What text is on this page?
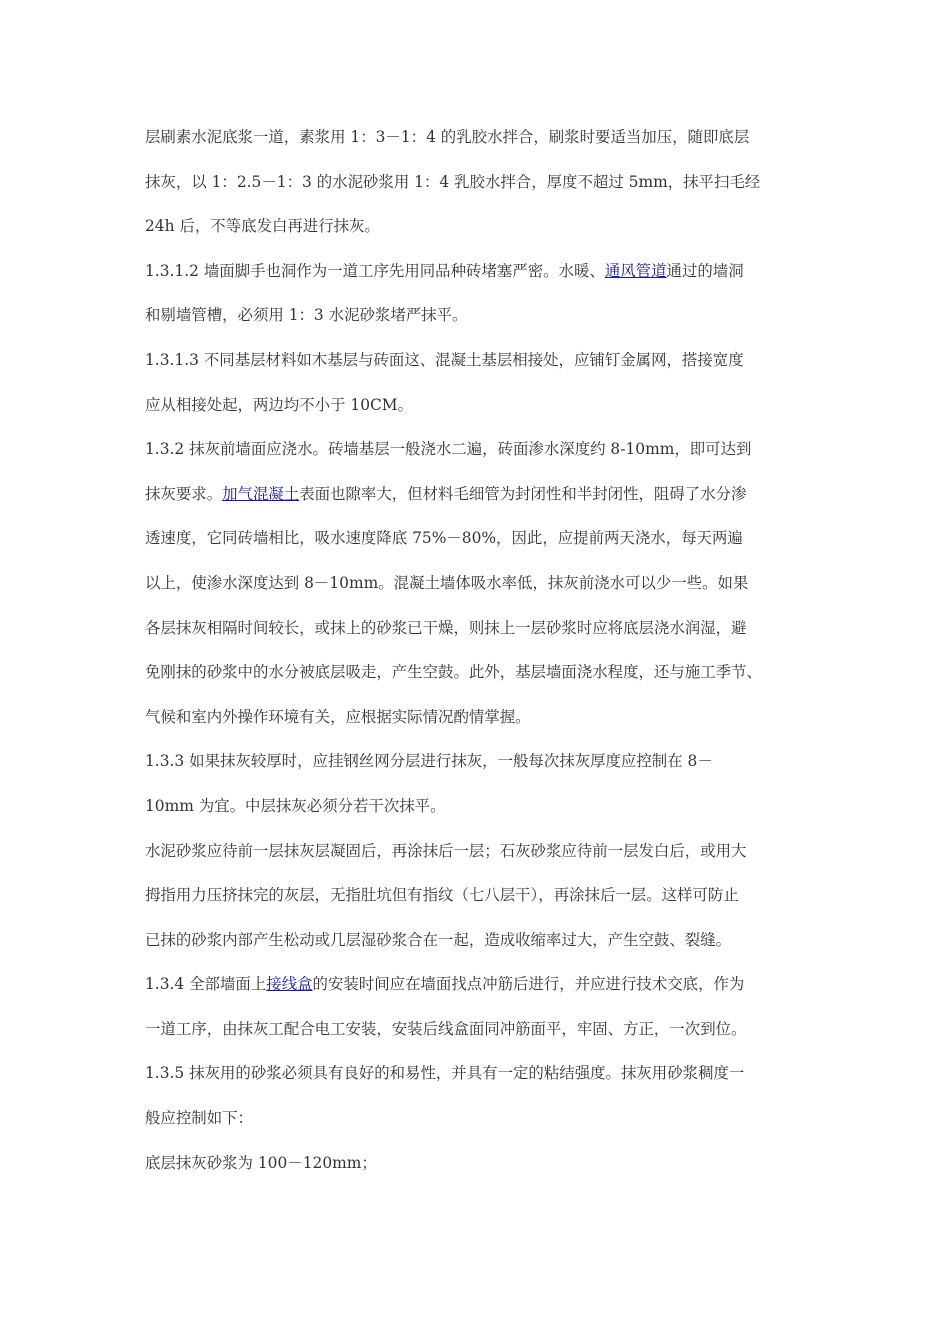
层刷素水泥底浆一道，素浆用 1：3－1：4 的乳胶水拌合，刷浆时要适当加压，随即底层
抹灰，以 1：2.5－1：3 的水泥砂浆用 1：4 乳胶水拌合，厚度不超过 5mm，抹平扫毛经
24h 后，不等底发白再进行抹灰。
1.3.1.2 墙面脚手也洞作为一道工序先用同品种砖堵塞严密。水暖、通风管道通过的墙洞
和剔墙管槽，必须用 1：3 水泥砂浆堵严抹平。
1.3.1.3 不同基层材料如木基层与砖面这、混凝土基层相接处，应铺钉金属网，搭接宽度
应从相接处起，两边均不小于 10CM。
1.3.2 抹灰前墙面应浇水。砖墙基层一般浇水二遍，砖面渗水深度约 8-10mm，即可达到
抹灰要求。加气混凝土表面也隙率大，但材料毛细管为封闭性和半封闭性，阻碍了水分渗
透速度，它同砖墙相比，吸水速度降底 75%－80%，因此，应提前两天浇水，每天两遍
以上，使渗水深度达到 8－10mm。混凝土墙体吸水率低，抹灰前浇水可以少一些。如果
各层抹灰相隔时间较长，或抹上的砂浆已干燥，则抹上一层砂浆时应将底层浇水润湿，避
免刚抹的砂浆中的水分被底层吸走，产生空鼓。此外，基层墙面浇水程度，还与施工季节、
气候和室内外操作环境有关，应根据实际情况酌情掌握。
1.3.3 如果抹灰较厚时，应挂钢丝网分层进行抹灰，一般每次抹灰厚度应控制在 8－
10mm 为宜。中层抹灰必须分若干次抹平。
水泥砂浆应待前一层抹灰层凝固后，再涂抹后一层；石灰砂浆应待前一层发白后，或用大
拇指用力压挤抹完的灰层，无指肚坑但有指纹（七八层干），再涂抹后一层。这样可防止
已抹的砂浆内部产生松动或几层湿砂浆合在一起，造成收缩率过大，产生空鼓、裂缝。
1.3.4 全部墙面上接线盒的安装时间应在墙面找点冲筋后进行，并应进行技术交底，作为
一道工序，由抹灰工配合电工安装，安装后线盒面同冲筋面平，牢固、方正，一次到位。
1.3.5 抹灰用的砂浆必须具有良好的和易性，并具有一定的粘结强度。抹灰用砂浆稠度一
般应控制如下：
底层抹灰砂浆为 100－120mm；
